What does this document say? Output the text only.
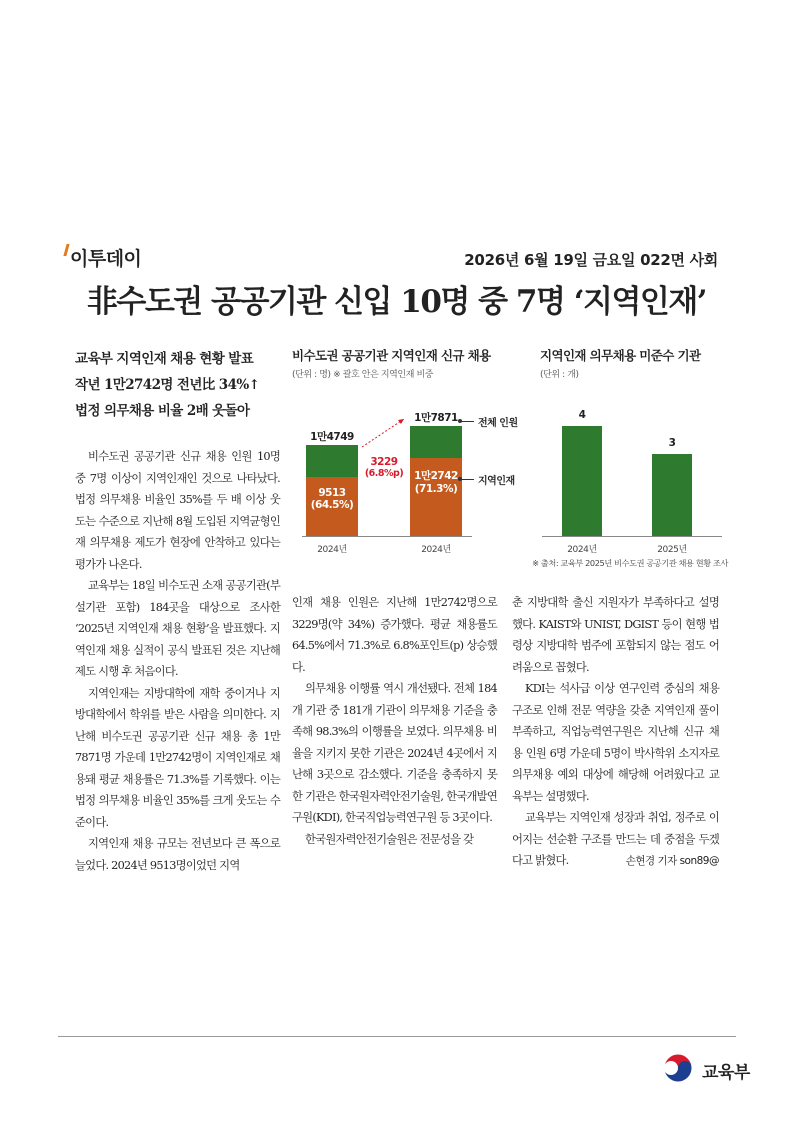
이투데이	2026년 6월 19일 금요일 022면 사회
非수도권 공공기관 신입 10명 중 7명 ‘지역인재’
교육부 지역인재 채용 현황 발표
작년 1만2742명 전년比 34%↑
법정 의무채용 비율 2배 웃돌아

비수도권 공공기관 신규 채용 인원 10명 중 7명 이상이 지역인재인 것으로 나타났다. 법정 의무채용 비율인 35%를 두 배 이상 웃도는 수준으로 지난해 8월 도입된 지역균형인재 의무채용 제도가 현장에 안착하고 있다는 평가가 나온다.

교육부는 18일 비수도권 소재 공공기관(부설기관 포함) 184곳을 대상으로 조사한 ‘2025년 지역인재 채용 현황’을 발표했다. 지역인재 채용 실적이 공식 발표된 것은 지난해 제도 시행 후 처음이다.

지역인재는 지방대학에 재학 중이거나 지방대학에서 학위를 받은 사람을 의미한다. 지난해 비수도권 공공기관 신규 채용 총 1만7871명 가운데 1만2742명이 지역인재로 채용돼 평균 채용률은 71.3%를 기록했다. 이는 법정 의무채용 비율인 35%를 크게 웃도는 수준이다.

지역인재 채용 규모는 전년보다 큰 폭으로 늘었다. 2024년 9513명이었던 지역

인재 채용 인원은 지난해 1만2742명으로 3229명(약 34%) 증가했다. 평균 채용률도 64.5%에서 71.3%로 6.8%포인트(p) 상승했다.

의무채용 이행률 역시 개선됐다. 전체 184개 기관 중 181개 기관이 의무채용 기준을 충족해 98.3%의 이행률을 보였다. 의무채용 비율을 지키지 못한 기관은 2024년 4곳에서 지난해 3곳으로 감소했다. 기준을 충족하지 못한 기관은 한국원자력안전기술원, 한국개발연구원(KDI), 한국직업능력연구원 등 3곳이다.

한국원자력안전기술원은 전문성을 갖

춘 지방대학 출신 지원자가 부족하다고 설명했다. KAIST와 UNIST, DGIST 등이 현행 법령상 지방대학 범주에 포함되지 않는 점도 어려움으로 꼽혔다.

KDI는 석사급 이상 연구인력 중심의 채용 구조로 인해 전문 역량을 갖춘 지역인재 풀이 부족하고, 직업능력연구원은 지난해 신규 채용 인원 6명 가운데 5명이 박사학위 소지자로 의무채용 예외 대상에 해당해 어려웠다고 교육부는 설명했다.

교육부는 지역인재 성장과 취업, 정주로 이어지는 선순환 구조를 만드는 데 중점을 두겠다고 밝혔다.	손현경 기자 son89@

비수도권 공공기관 지역인재 신규 채용
(단위 : 명) ※ 괄호 안은 지역인재 비중
1만4749
1만7871
9513
(64.5%)
1만2742
(71.3%)
3229
(6.8%p)
2024년	2024년
전체 인원
지역인재
지역인재 의무채용 미준수 기관
(단위 : 개)
4
3
2024년	2025년
※ 출처: 교육부 2025년 비수도권 공공기관 채용 현황 조사
교육부
